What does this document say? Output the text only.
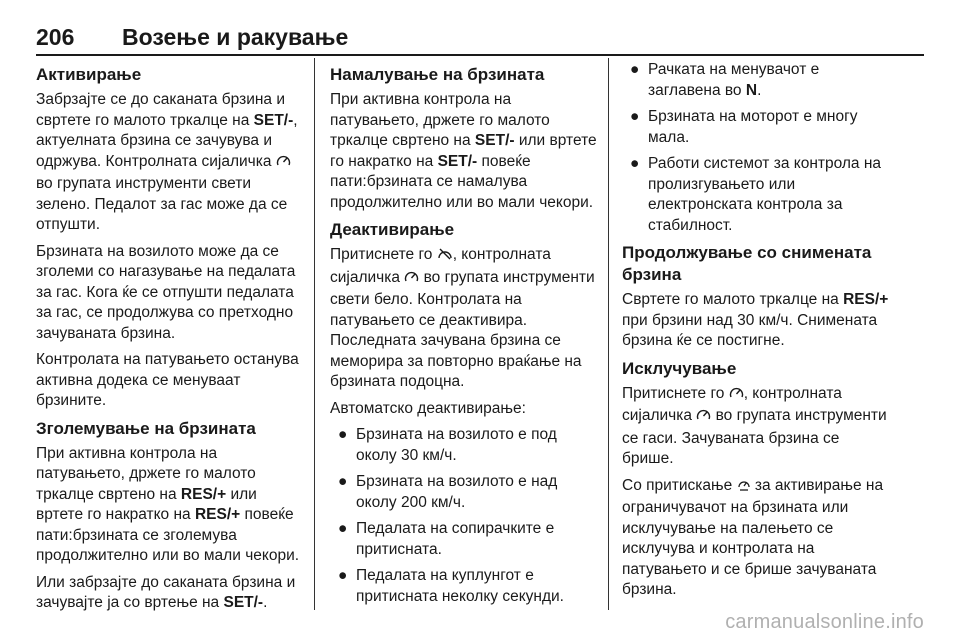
206 Возење и ракување
Активирање

Забрзајте се до саканата брзина и свртете го малото тркалце на SET/-, актуелната брзина се зачувува и одржува. Контролната сијаличка  во групата инструменти свети зелено. Педалот за гас може да се отпушти.

Брзината на возилото може да се зголеми со нагазување на педалата за гас. Кога ќе се отпушти педалата за гас, се продолжува со претходно зачуваната брзина.

Контролата на патувањето останува активна додека се менуваат брзините.

Зголемување на брзината

При активна контрола на патувањето, држете го малото тркалце свртено на RES/+ или вртете го накратко на RES/+ повеќе пати:брзината се зголемува продолжително или во мали чекори.

Или забрзајте до саканата брзина и зачувајте ја со вртење на SET/-.

Намалување на брзината

При активна контрола на патувањето, држете го малото тркалце свртено на SET/- или вртете го накратко на SET/- повеќе пати:брзината се намалува продолжително или во мали чекори.

Деактивирање

Притиснете го , контролната сијаличка  во групата инструменти свети бело. Контролата на патувањето се деактивира. Последната зачувана брзина се меморира за повторно враќање на брзината подоцна.

Автоматско деактивирање:

● Брзината на возилото е под околу 30 км/ч.
● Брзината на возилото е над околу 200 км/ч.
● Педалата на сопирачките е притисната.
● Педалата на куплунгот е притисната неколку секунди.
● Рачката на менувачот е заглавена во N.
● Брзината на моторот е многу мала.
● Работи системот за контрола на пролизгувањето или електронската контрола за стабилност.
Продолжување со снимената брзина

Свртете го малото тркалце на RES/+ при брзини над 30 км/ч. Снимената брзина ќе се постигне.

Исклучување

Притиснете го , контролната сијаличка  во групата инструменти се гаси. Зачуваната брзина се брише.

Со притискање  за активирање на ограничувачот на брзината или исклучување на палењето се исклучува и контролата на патувањето и се брише зачуваната брзина.

carmanualsonline.info
